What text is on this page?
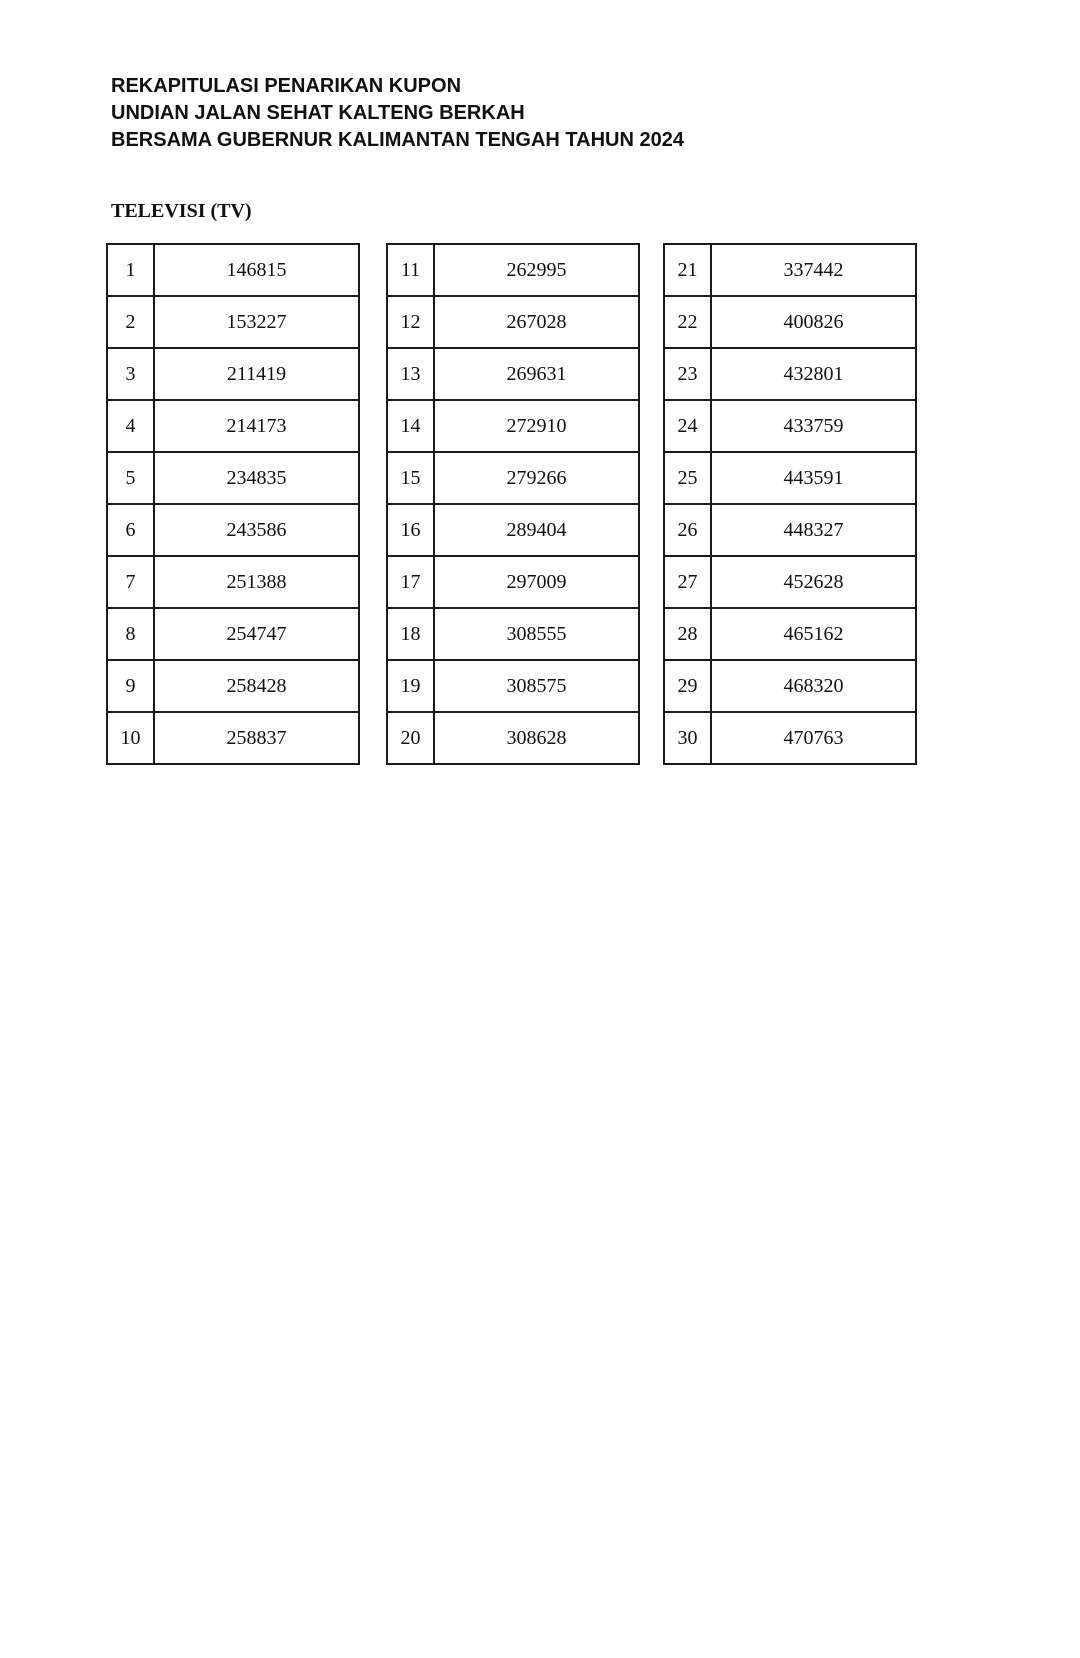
REKAPITULASI PENARIKAN KUPON
UNDIAN JALAN SEHAT KALTENG BERKAH
BERSAMA GUBERNUR KALIMANTAN TENGAH TAHUN 2024
TELEVISI (TV)
1	146815
2	153227
3	211419
4	214173
5	234835
6	243586
7	251388
8	254747
9	258428
10	258837
11	262995
12	267028
13	269631
14	272910
15	279266
16	289404
17	297009
18	308555
19	308575
20	308628
21	337442
22	400826
23	432801
24	433759
25	443591
26	448327
27	452628
28	465162
29	468320
30	470763
